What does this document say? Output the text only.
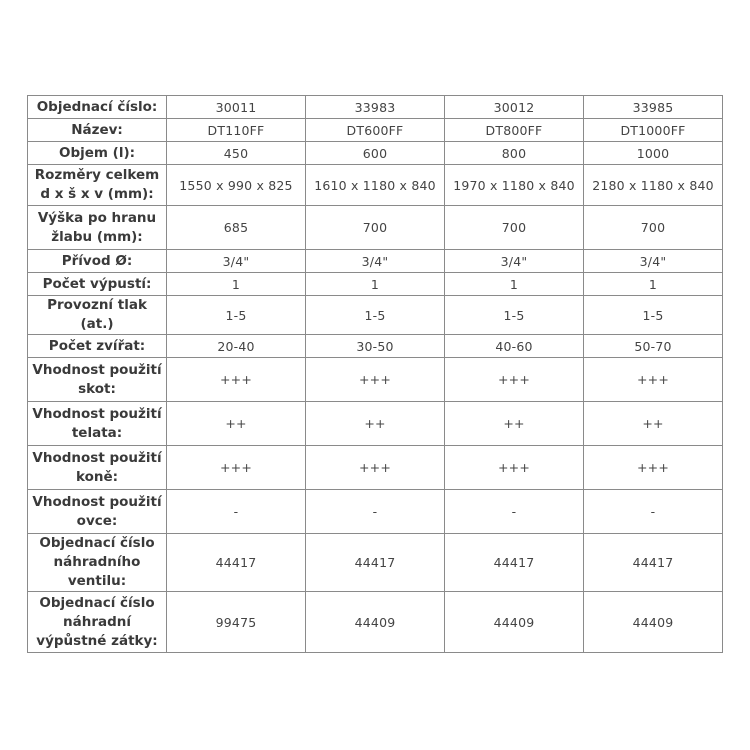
Objednací číslo:	30011	33983	30012	33985
Název:	DT110FF	DT600FF	DT800FF	DT1000FF
Objem (l):	450	600	800	1000
Rozměry celkem d x š x v (mm):	1550 x 990 x 825	1610 x 1180 x 840	1970 x 1180 x 840	2180 x 1180 x 840
Výška po hranu žlabu (mm):	685	700	700	700
Přívod Ø:	3/4"	3/4"	3/4"	3/4"
Počet výpustí:	1	1	1	1
Provozní tlak (at.)	1-5	1-5	1-5	1-5
Počet zvířat:	20-40	30-50	40-60	50-70
Vhodnost použití skot:	+++	+++	+++	+++
Vhodnost použití telata:	++	++	++	++
Vhodnost použití koně:	+++	+++	+++	+++
Vhodnost použití ovce:	-	-	-	-
Objednací číslo náhradního ventilu:	44417	44417	44417	44417
Objednací číslo náhradní výpůstné zátky:	99475	44409	44409	44409
